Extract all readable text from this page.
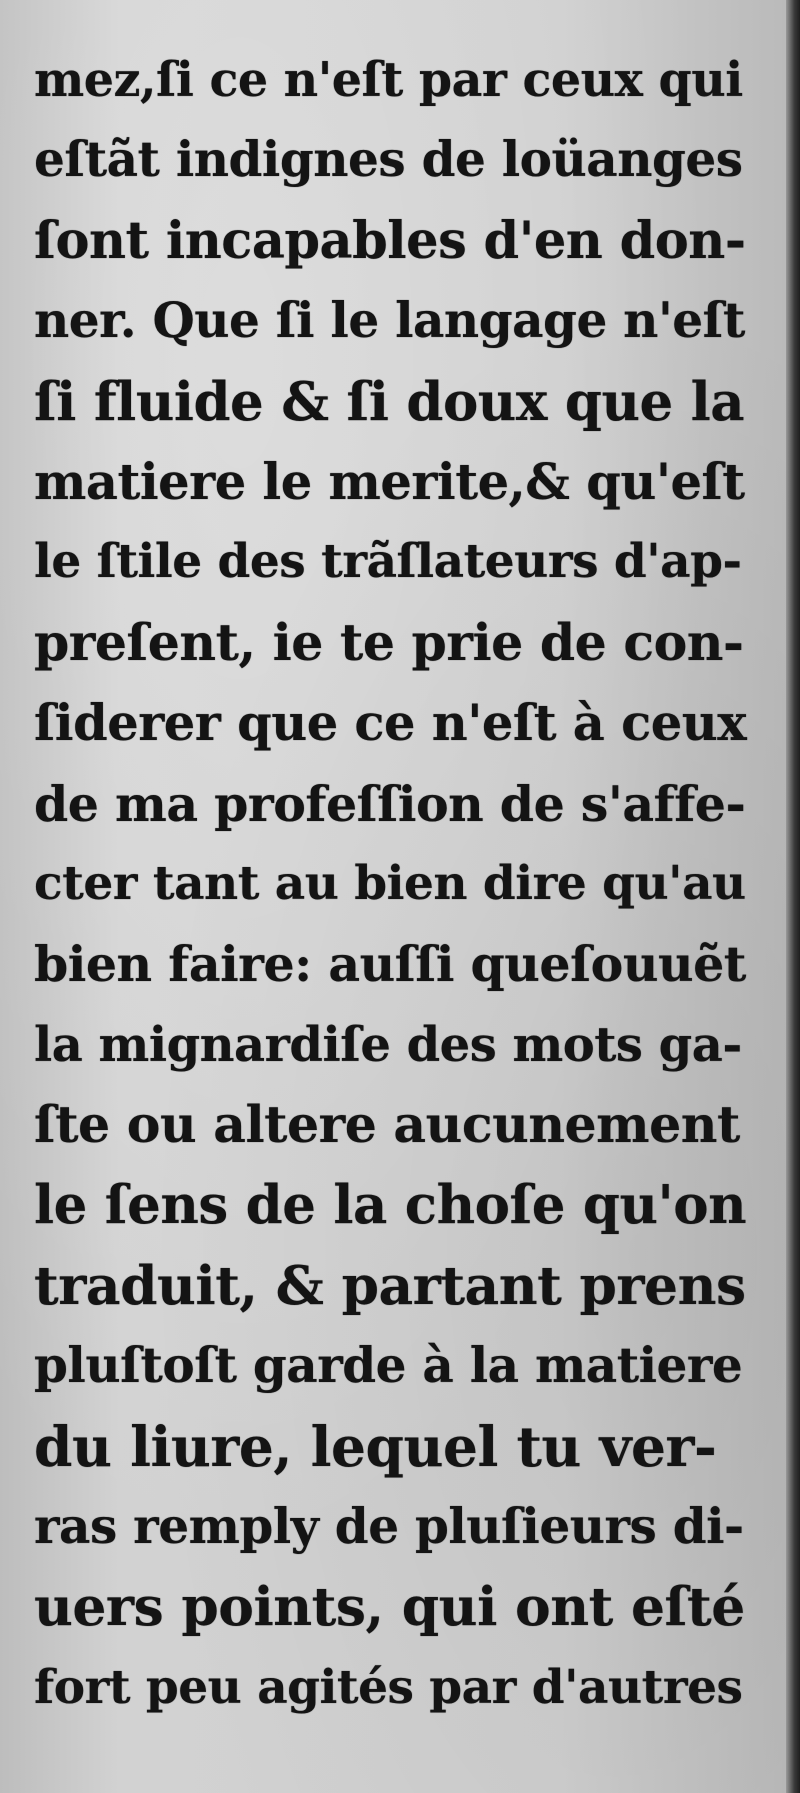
mez,ſi ce n'eſt par ceux qui
eſtãt indignes de loüanges
ſont incapables d'en don-
ner. Que ſi le langage n'eſt
ſi fluide & ſi doux que la
matiere le merite,& qu'eſt
le ſtile des trãſlateurs d'ap-
preſent, ie te prie de con-
ſiderer que ce n'eſt à ceux
de ma profeſſion de s'affe-
cter tant au bien dire qu'au
bien faire: auſſi queſouuẽt
la mignardiſe des mots ga-
ſte ou altere aucunement
le ſens de la choſe qu'on
traduit, & partant prens
pluſtoſt garde à la matiere
du liure, lequel tu ver-
ras remply de pluſieurs di-
uers points, qui ont eſté
fort peu agités par d'autres
